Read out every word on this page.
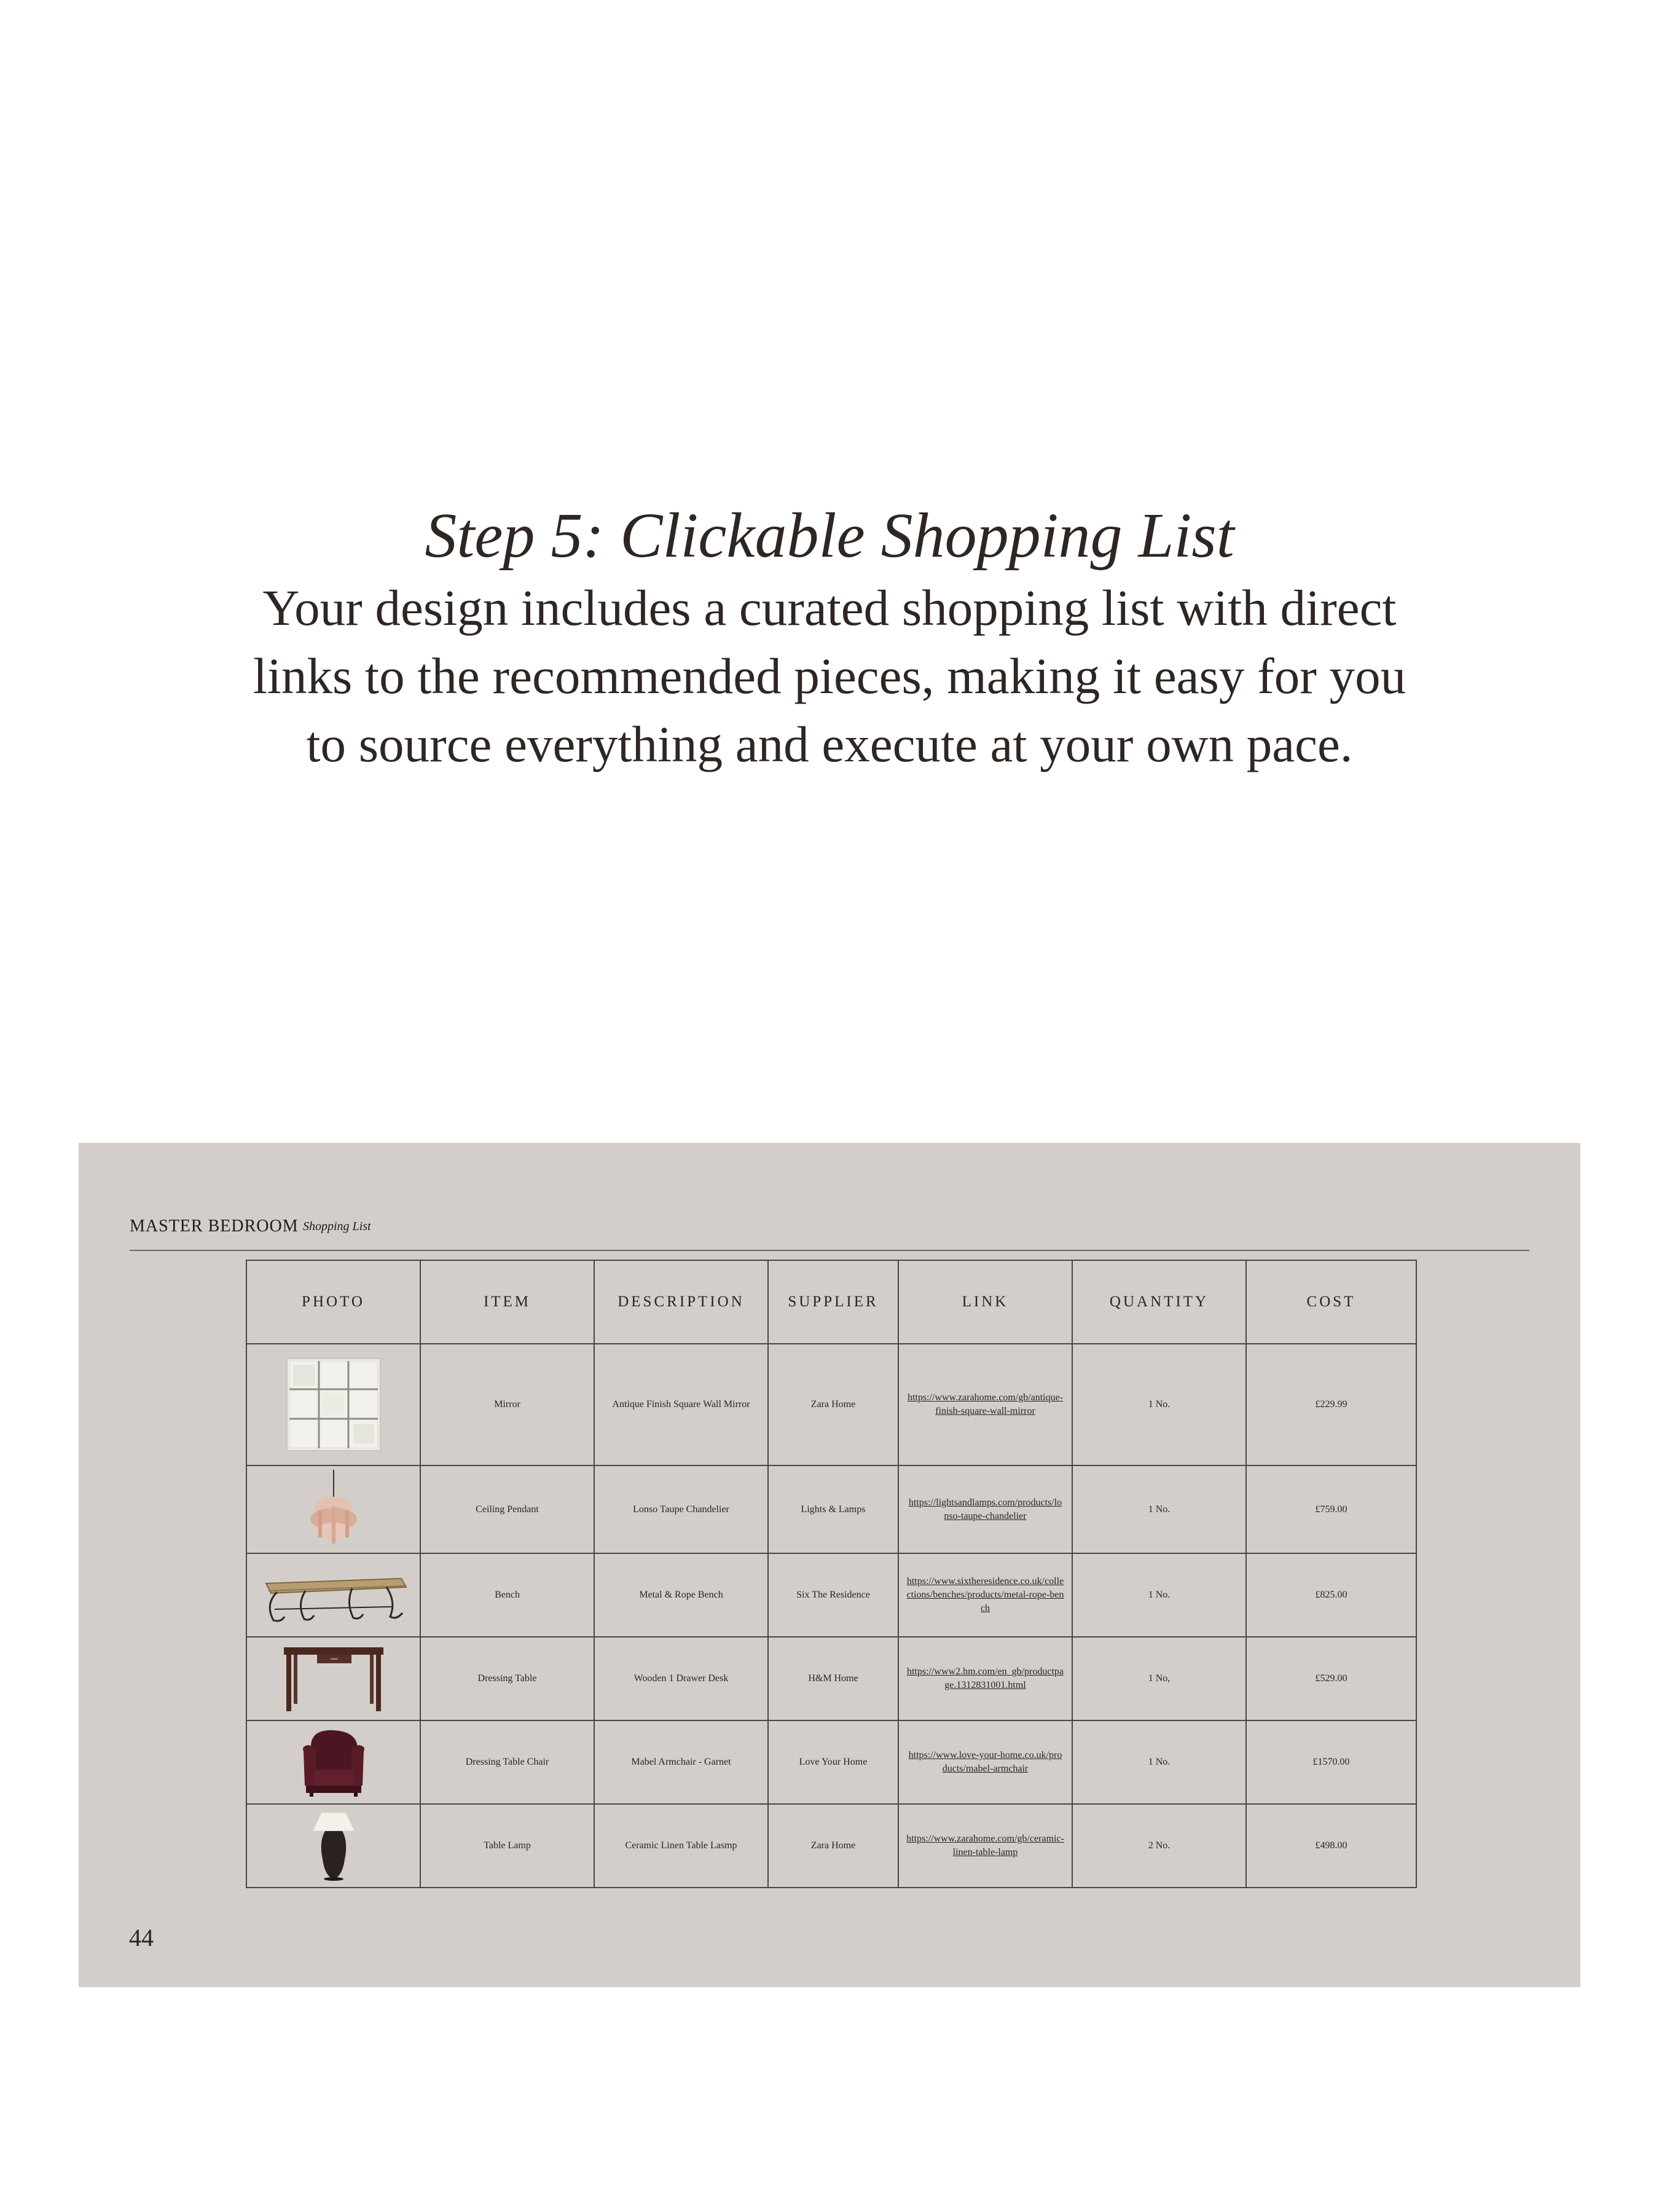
Step 5: Clickable Shopping List

Your design includes a curated shopping list with direct links to the recommended pieces, making it easy for you to source everything and execute at your own pace.

MASTER BEDROOM Shopping List
PHOTO	ITEM	DESCRIPTION	SUPPLIER	LINK	QUANTITY	COST

	Mirror	Antique Finish Square Wall Mirror	Zara Home	https://www.zarahome.com/gb/antique-finish-square-wall-mirror	1 No.	£229.99

	Ceiling Pendant	Lonso Taupe Chandelier	Lights & Lamps	https://lightsandlamps.com/products/lonso-taupe-chandelier	1 No.	£759.00

	Bench	Metal & Rope Bench	Six The Residence	https://www.sixtheresidence.co.uk/collections/benches/products/metal-rope-bench	1 No.	£825.00

	Dressing Table	Wooden 1 Drawer Desk	H&M Home	https://www2.hm.com/en_gb/productpage.1312831001.html	1 No,	£529.00

	Dressing Table Chair	Mabel Armchair - Garnet	Love Your Home	https://www.love-your-home.co.uk/products/mabel-armchair	1 No.	£1570.00

	Table Lamp	Ceramic Linen Table Lasmp	Zara Home	https://www.zarahome.com/gb/ceramic-linen-table-lamp	2 No.	£498.00
44
